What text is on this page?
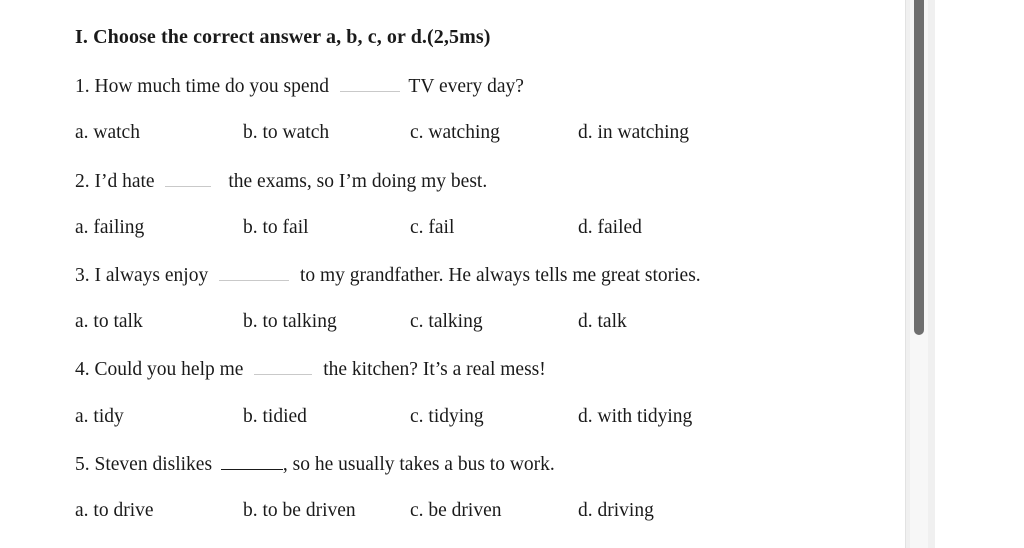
I. Choose the correct answer a, b, c, or d.(2,5ms)
1. How much time do you spend	TV every day?
a. watch	b. to watch	c. watching	d. in watching
2. I’d hate	the exams, so I’m doing my best.
a. failing	b. to fail	c. fail	d. failed
3. I always enjoy	to my grandfather. He always tells me great stories.
a. to talk	b. to talking	c. talking	d. talk
4. Could you help me	the kitchen? It’s a real mess!
a. tidy	b. tidied	c. tidying	d. with tidying
5. Steven dislikes	, so he usually takes a bus to work.
a. to drive	b. to be driven	c. be driven	d. driving
